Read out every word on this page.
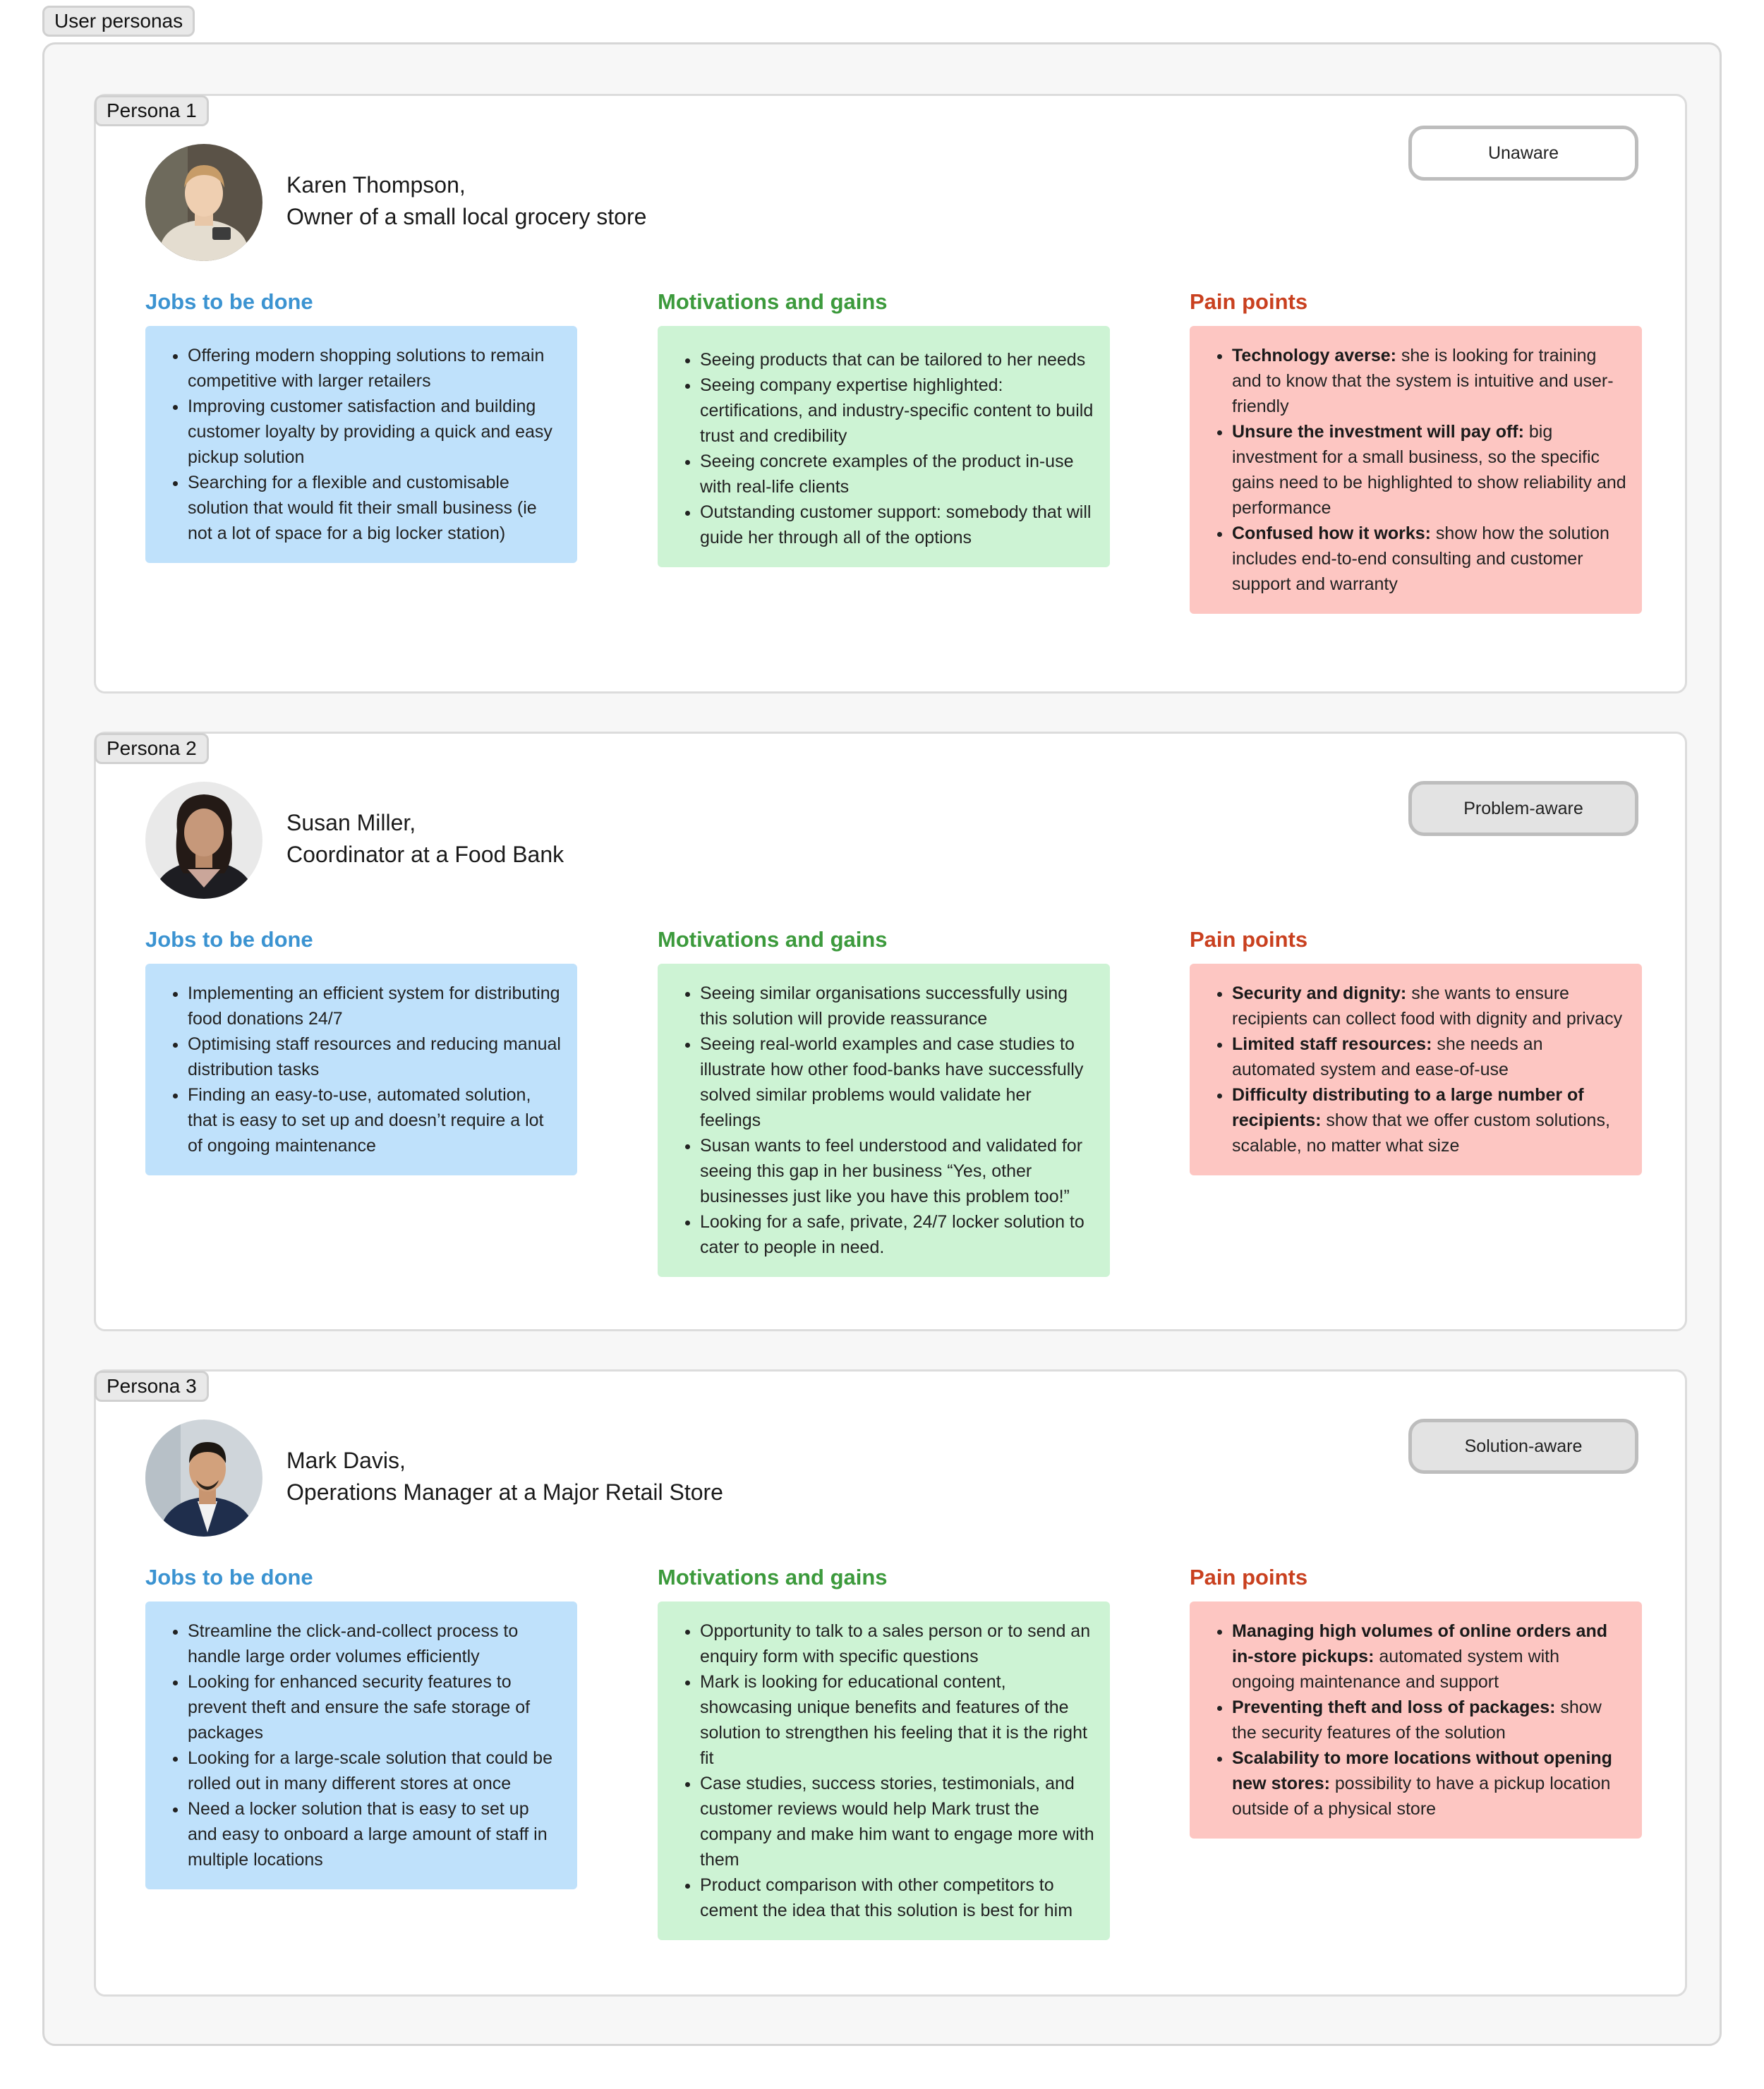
User personas
Karen Thompson,
Owner of a small local grocery store
Unaware
Jobs to be done	Motivations and gains	Pain points
• Offering modern shopping solutions to remain competitive with larger retailers
• Improving customer satisfaction and building customer loyalty by providing a quick and easy pickup solution
• Searching for a flexible and customisable solution that would fit their small business (ie not a lot of space for a big locker station)
• Seeing products that can be tailored to her needs
• Seeing company expertise highlighted: certifications, and industry-specific content to build trust and credibility
• Seeing concrete examples of the product in-use with real-life clients
• Outstanding customer support: somebody that will guide her through all of the options
• Technology averse: she is looking for training and to know that the system is intuitive and user-friendly
• Unsure the investment will pay off: big investment for a small business, so the specific gains need to be highlighted to show reliability and performance
• Confused how it works: show how the solution includes end-to-end consulting and customer support and warranty
Persona 1
Susan Miller,
Coordinator at a Food Bank
Problem-aware
Jobs to be done	Motivations and gains	Pain points
• Implementing an efficient system for distributing food donations 24/7
• Optimising staff resources and reducing manual distribution tasks
• Finding an easy-to-use, automated solution, that is easy to set up and doesn’t require a lot of ongoing maintenance
• Seeing similar organisations successfully using this solution will provide reassurance
• Seeing real-world examples and case studies to illustrate how other food-banks have successfully solved similar problems would validate her feelings
• Susan wants to feel understood and validated for seeing this gap in her business “Yes, other businesses just like you have this problem too!”
• Looking for a safe, private, 24/7 locker solution to cater to people in need.
• Security and dignity: she wants to ensure recipients can collect food with dignity and privacy
• Limited staff resources: she needs an automated system and ease-of-use
• Difficulty distributing to a large number of recipients: show that we offer custom solutions, scalable, no matter what size
Persona 2
Mark Davis,
Operations Manager at a Major Retail Store
Solution-aware
Jobs to be done	Motivations and gains	Pain points
• Streamline the click-and-collect process to handle large order volumes efficiently
• Looking for enhanced security features to prevent theft and ensure the safe storage of packages
• Looking for a large-scale solution that could be rolled out in many different stores at once
• Need a locker solution that is easy to set up and easy to onboard a large amount of staff in multiple locations
• Opportunity to talk to a sales person or to send an enquiry form with specific questions
• Mark is looking for educational content, showcasing unique benefits and features of the solution to strengthen his feeling that it is the right fit
• Case studies, success stories, testimonials, and customer reviews would help Mark trust the company and make him want to engage more with them
• Product comparison with other competitors to cement the idea that this solution is best for him
• Managing high volumes of online orders and in-store pickups: automated system with ongoing maintenance and support
• Preventing theft and loss of packages: show the security features of the solution
• Scalability to more locations without opening new stores: possibility to have a pickup location outside of a physical store
Persona 3
